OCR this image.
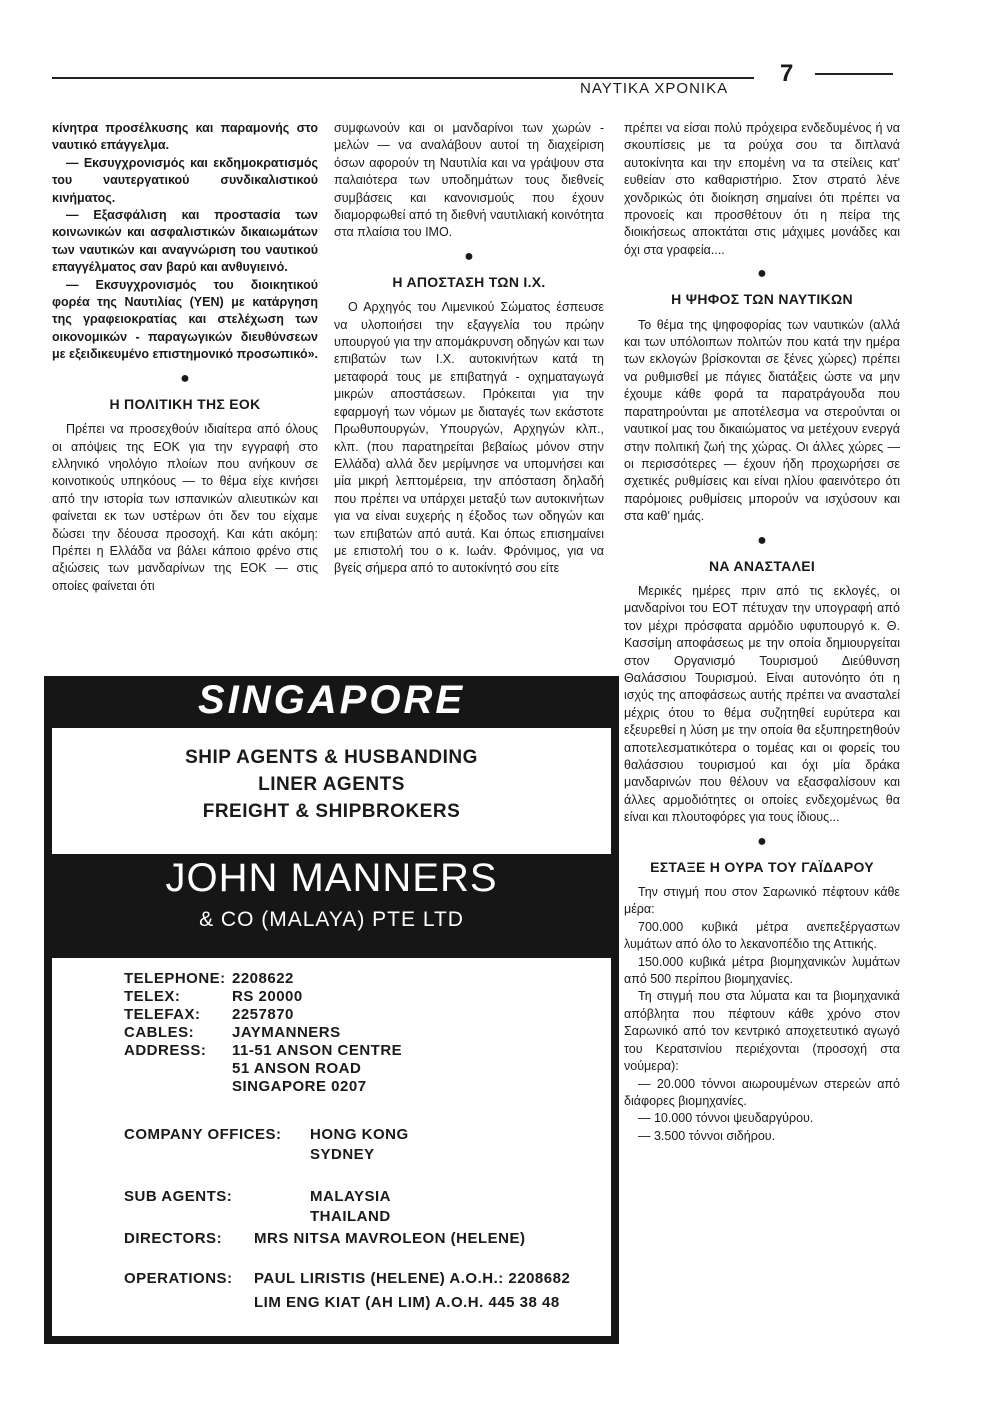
ΝΑΥΤΙΚΑ ΧΡΟΝΙΚΑ
7

κίνητρα προσέλκυσης και παραμονής στο ναυτικό επάγγελμα.

— Εκσυγχρονισμός και εκδημοκρατισμός του ναυτεργατικού συνδικαλιστικού κινήματος.

— Εξασφάλιση και προστασία των κοινωνικών και ασφαλιστικών δικαιωμάτων των ναυτικών και αναγνώριση του ναυτικού επαγγέλματος σαν βαρύ και ανθυγιεινό.

— Εκσυγχρονισμός του διοικητικού φορέα της Ναυτιλίας (ΥΕΝ) με κατάργηση της γραφειοκρατίας και στελέχωση των οικονομικών - παραγωγικών διευθύνσεων με εξειδικευμένο επιστημονικό προσωπικό».

●
Η ΠΟΛΙΤΙΚΗ ΤΗΣ ΕΟΚ

Πρέπει να προσεχθούν ιδιαίτερα από όλους οι απόψεις της ΕΟΚ για την εγγραφή στο ελληνικό νηολόγιο πλοίων που ανήκουν σε κοινοτικούς υπηκόους — το θέμα είχε κινήσει από την ιστορία των ισπανικών αλιευτικών και φαίνεται εκ των υστέρων ότι δεν του είχαμε δώσει την δέουσα προσοχή. Και κάτι ακόμη: Πρέπει η Ελλάδα να βάλει κάποιο φρένο στις αξιώσεις των μανδαρίνων της ΕΟΚ — στις οποίες φαίνεται ότι

συμφωνούν και οι μανδαρίνοι των χωρών - μελών — να αναλάβουν αυτοί τη διαχείριση όσων αφορούν τη Ναυτιλία και να γράψουν στα παλαιότερα των υποδημάτων τους διεθνείς συμβάσεις και κανονισμούς που έχουν διαμορφωθεί από τη διεθνή ναυτιλιακή κοινότητα στα πλαίσια του ΙΜΟ.

●
Η ΑΠΟΣΤΑΣΗ ΤΩΝ Ι.Χ.

Ο Αρχηγός του Λιμενικού Σώματος έσπευσε να υλοποιήσει την εξαγγελία του πρώην υπουργού για την απομάκρυνση οδηγών και των επιβατών των Ι.Χ. αυτοκινήτων κατά τη μεταφορά τους με επιβατηγά - οχηματαγωγά μικρών αποστάσεων. Πρόκειται για την εφαρμογή των νόμων με διαταγές των εκάστοτε Πρωθυπουργών, Υπουργών, Αρχηγών κλπ., κλπ. (που παρατηρείται βεβαίως μόνον στην Ελλάδα) αλλά δεν μερίμνησε να υπομνήσει και μία μικρή λεπτομέρεια, την απόσταση δηλαδή που πρέπει να υπάρχει μεταξύ των αυτοκινήτων για να είναι ευχερής η έξοδος των οδηγών και των επιβατών από αυτά. Και όπως επισημαίνει με επιστολή του ο κ. Ιωάν. Φρόνιμος, για να βγείς σήμερα από το αυτοκίνητό σου είτε

πρέπει να είσαι πολύ πρόχειρα ενδεδυμένος ή να σκουπίσεις με τα ρούχα σου τα διπλανά αυτοκίνητα και την επομένη να τα στείλεις κατ' ευθείαν στο καθαριστήριο. Στον στρατό λένε χονδρικώς ότι διοίκηση σημαίνει ότι πρέπει να προνοείς και προσθέτουν ότι η πείρα της διοικήσεως αποκτάται στις μάχιμες μονάδες και όχι στα γραφεία....

●
Η ΨΗΦΟΣ ΤΩΝ ΝΑΥΤΙΚΩΝ

Το θέμα της ψηφοφορίας των ναυτικών (αλλά και των υπόλοιπων πολιτών που κατά την ημέρα των εκλογών βρίσκονται σε ξένες χώρες) πρέπει να ρυθμισθεί με πάγιες διατάξεις ώστε να μην έχουμε κάθε φορά τα παρατράγουδα που παρατηρούνται με αποτέλεσμα να στερούνται οι ναυτικοί μας του δικαιώματος να μετέχουν ενεργά στην πολιτική ζωή της χώρας. Οι άλλες χώρες — οι περισσότερες — έχουν ήδη προχωρήσει σε σχετικές ρυθμίσεις και είναι ηλίου φαεινότερο ότι παρόμοιες ρυθμίσεις μπορούν να ισχύσουν και στα καθ' ημάς.

●
ΝΑ ΑΝΑΣΤΑΛΕΙ

Μερικές ημέρες πριν από τις εκλογές, οι μανδαρίνοι του ΕΟΤ πέτυχαν την υπογραφή από τον μέχρι πρόσφατα αρμόδιο υφυπουργό κ. Θ. Κασσίμη αποφάσεως με την οποία δημιουργείται στον Οργανισμό Τουρισμού Διεύθυνση Θαλάσσιου Τουρισμού. Είναι αυτονόητο ότι η ισχύς της αποφάσεως αυτής πρέπει να ανασταλεί μέχρις ότου το θέμα συζητηθεί ευρύτερα και εξευρεθεί η λύση με την οποία θα εξυπηρετηθούν αποτελεσματικότερα ο τομέας και οι φορείς του θαλάσσιου τουρισμού και όχι μία δράκα μανδαρινών που θέλουν να εξασφαλίσουν και άλλες αρμοδιότητες οι οποίες ενδεχομένως θα είναι και πλουτοφόρες για τους ίδιους...

●
ΕΣΤΑΞΕ Η ΟΥΡΑ ΤΟΥ ΓΑΪΔΑΡΟΥ

Την στιγμή που στον Σαρωνικό πέφτουν κάθε μέρα:

700.000 κυβικά μέτρα ανεπεξέργαστων λυμάτων από όλο το λεκανοπέδιο της Αττικής.

150.000 κυβικά μέτρα βιομηχανικών λυμάτων από 500 περίπου βιομηχανίες.

Τη στιγμή που στα λύματα και τα βιομηχανικά απόβλητα που πέφτουν κάθε χρόνο στον Σαρωνικό από τον κεντρικό αποχετευτικό αγωγό του Κερατσινίου περιέχονται (προσοχή στα νούμερα):

— 20.000 τόννοι αιωρουμένων στερεών από διάφορες βιομηχανίες.

— 10.000 τόννοι ψευδαργύρου.

— 3.500 τόννοι σιδήρου.

SINGAPORE
SHIP AGENTS & HUSBANDING
LINER AGENTS
FREIGHT & SHIPBROKERS
JOHN MANNERS
& CO (MALAYA) PTE LTD
TELEPHONE: 2208622
TELEX:	RS 20000
TELEFAX: 2257870
CABLES:	JAYMANNERS
ADDRESS: 11-51 ANSON CENTRE
51 ANSON ROAD
SINGAPORE 0207
COMPANY OFFICES: HONG KONG
SYDNEY
SUB AGENTS:	MALAYSIA
THAILAND
DIRECTORS: MRS NITSA MAVROLEON (HELENE)
OPERATIONS: PAUL LIRISTIS (HELENE) A.O.H.: 2208682
LIM ENG KIAT (AH LIM) A.O.H. 445 38 48
